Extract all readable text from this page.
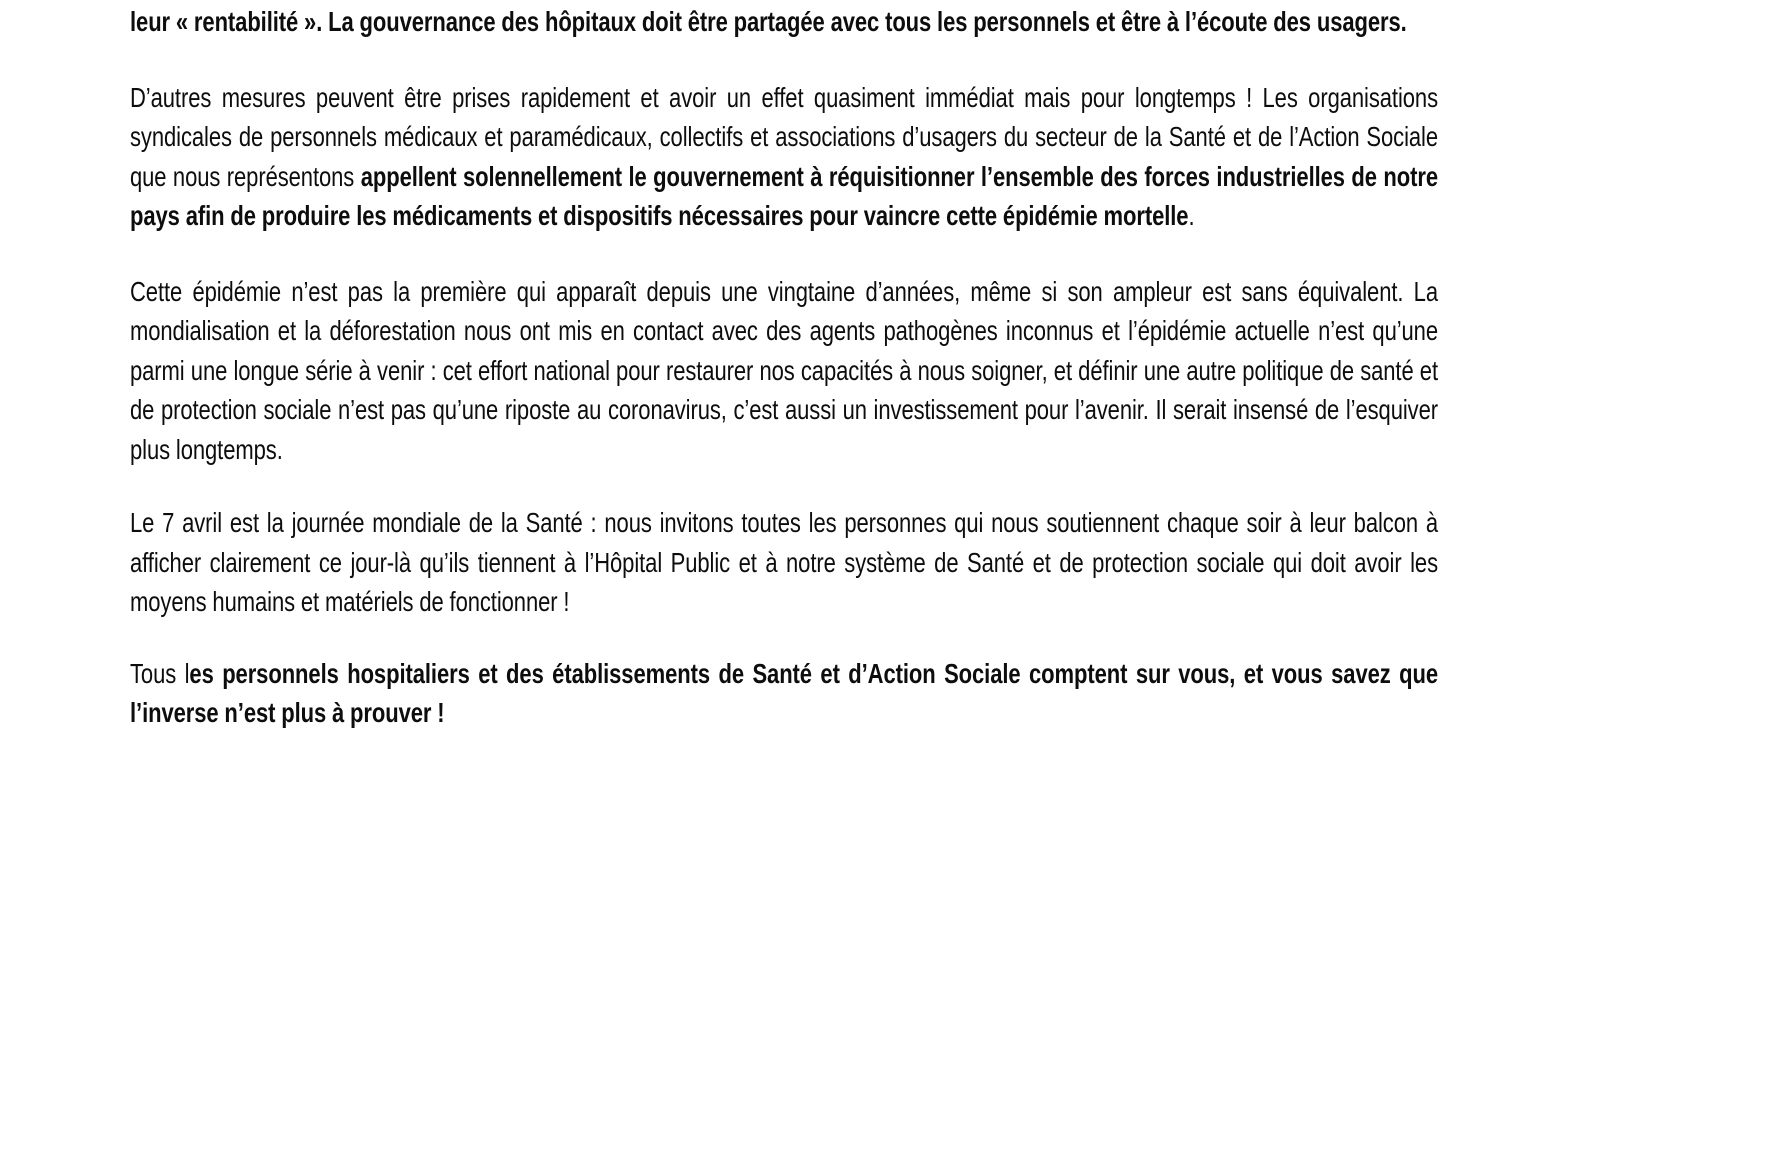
leur « rentabilité ». La gouvernance des hôpitaux doit être partagée avec tous les personnels et être à l’écoute des usagers.

D’autres mesures peuvent être prises rapidement et avoir un effet quasiment immédiat mais pour longtemps ! Les organisations syndicales de personnels médicaux et paramédicaux, collectifs et associations d’usagers du secteur de la Santé et de l’Action Sociale que nous représentons appellent solennellement le gouvernement à réquisitionner l’ensemble des forces industrielles de notre pays afin de produire les médicaments et dispositifs nécessaires pour vaincre cette épidémie mortelle.

Cette épidémie n’est pas la première qui apparaît depuis une vingtaine d’années, même si son ampleur est sans équivalent. La mondialisation et la déforestation nous ont mis en contact avec des agents pathogènes inconnus et l’épidémie actuelle n’est qu’une parmi une longue série à venir : cet effort national pour restaurer nos capacités à nous soigner, et définir une autre politique de santé et de protection sociale n’est pas qu’une riposte au coronavirus, c’est aussi un investissement pour l’avenir. Il serait insensé de l’esquiver plus longtemps.

Le 7 avril est la journée mondiale de la Santé : nous invitons toutes les personnes qui nous soutiennent chaque soir à leur balcon à afficher clairement ce jour-là qu’ils tiennent à l’Hôpital Public et à notre système de Santé et de protection sociale qui doit avoir les moyens humains et matériels de fonctionner !

Tous les personnels hospitaliers et des établissements de Santé et d’Action Sociale comptent sur vous, et vous savez que l’inverse n’est plus à prouver !
